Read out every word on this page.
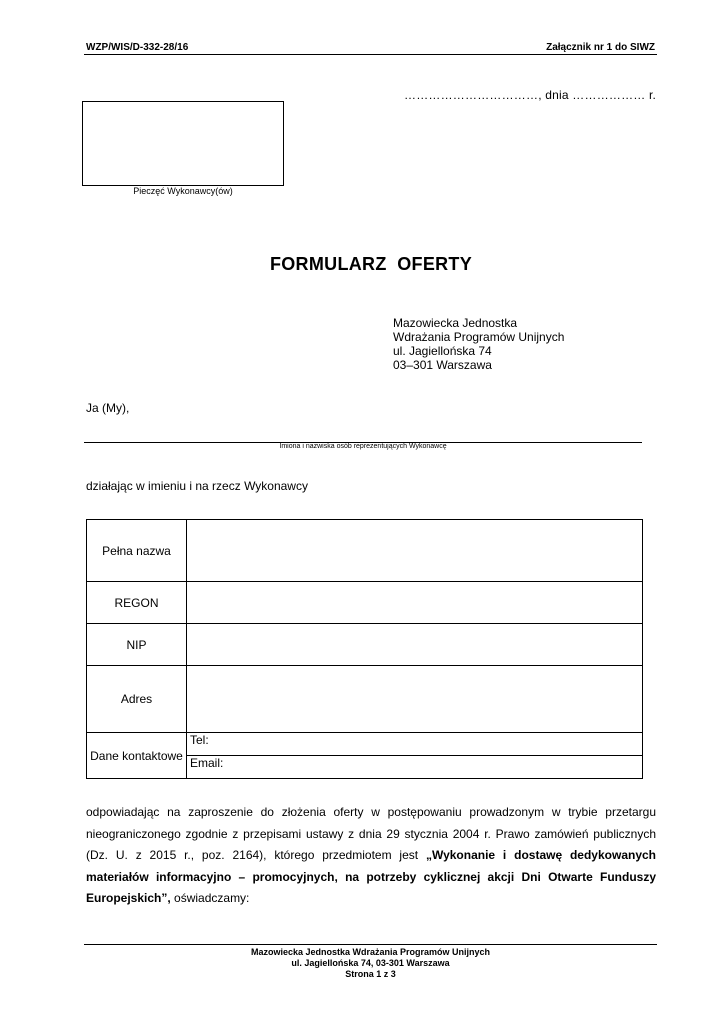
WZP/WIS/D-332-28/16	Załącznik nr 1 do SIWZ
……………………………, dnia ……………… r.
Pieczęć Wykonawcy(ów)
FORMULARZ  OFERTY
Mazowiecka Jednostka
Wdrażania Programów Unijnych
ul. Jagiellońska 74
03–301 Warszawa
Ja (My),
Imiona i nazwiska osób reprezentujących Wykonawcę
działając w imieniu i na rzecz Wykonawcy
Pełna nazwa	
REGON	
NIP	
Adres	
Dane kontaktowe	Tel:
	Email:
odpowiadając na zaproszenie do złożenia oferty w postępowaniu prowadzonym w trybie przetargu nieograniczonego zgodnie z przepisami ustawy z dnia 29 stycznia 2004 r. Prawo zamówień publicznych (Dz. U. z 2015 r., poz. 2164), którego przedmiotem jest „Wykonanie i dostawę dedykowanych materiałów informacyjno – promocyjnych, na potrzeby cyklicznej akcji Dni Otwarte Funduszy Europejskich”, oświadczamy:
Mazowiecka Jednostka Wdrażania Programów Unijnych
ul. Jagiellońska 74, 03-301 Warszawa
Strona 1 z 3
